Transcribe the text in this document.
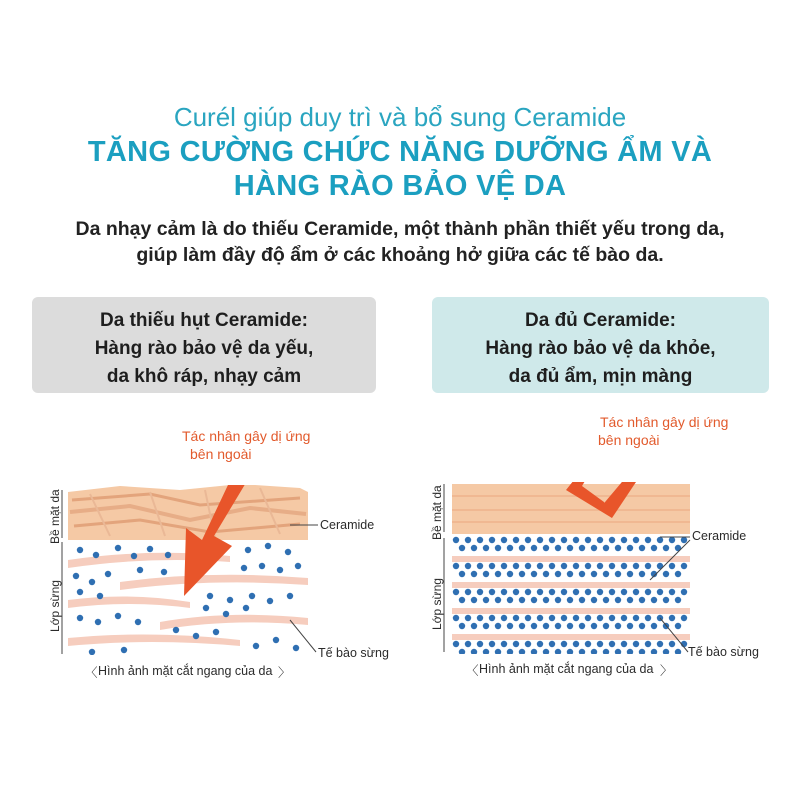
Curél giúp duy trì và bổ sung Ceramide
TĂNG CƯỜNG CHỨC NĂNG DƯỠNG ẨM VÀ
HÀNG RÀO BẢO VỆ DA
Da nhạy cảm là do thiếu Ceramide, một thành phần thiết yếu trong da,
giúp làm đầy độ ẩm ở các khoảng hở giữa các tế bào da.
Da thiếu hụt Ceramide:
Hàng rào bảo vệ da yếu,
da khô ráp, nhạy cảm
Da đủ Ceramide:
Hàng rào bảo vệ da khỏe,
da đủ ẩm, mịn màng
Tác nhân gây dị ứng
bên ngoài
Ceramide
Tế bào sừng
Bề mặt da
Lớp sừng
〈 Hình ảnh mặt cắt ngang của da 〉
Tác nhân gây dị ứng
bên ngoài
Ceramide
Tế bào sừng
Bề mặt da
Lớp sừng
〈 Hình ảnh mặt cắt ngang của da 〉
